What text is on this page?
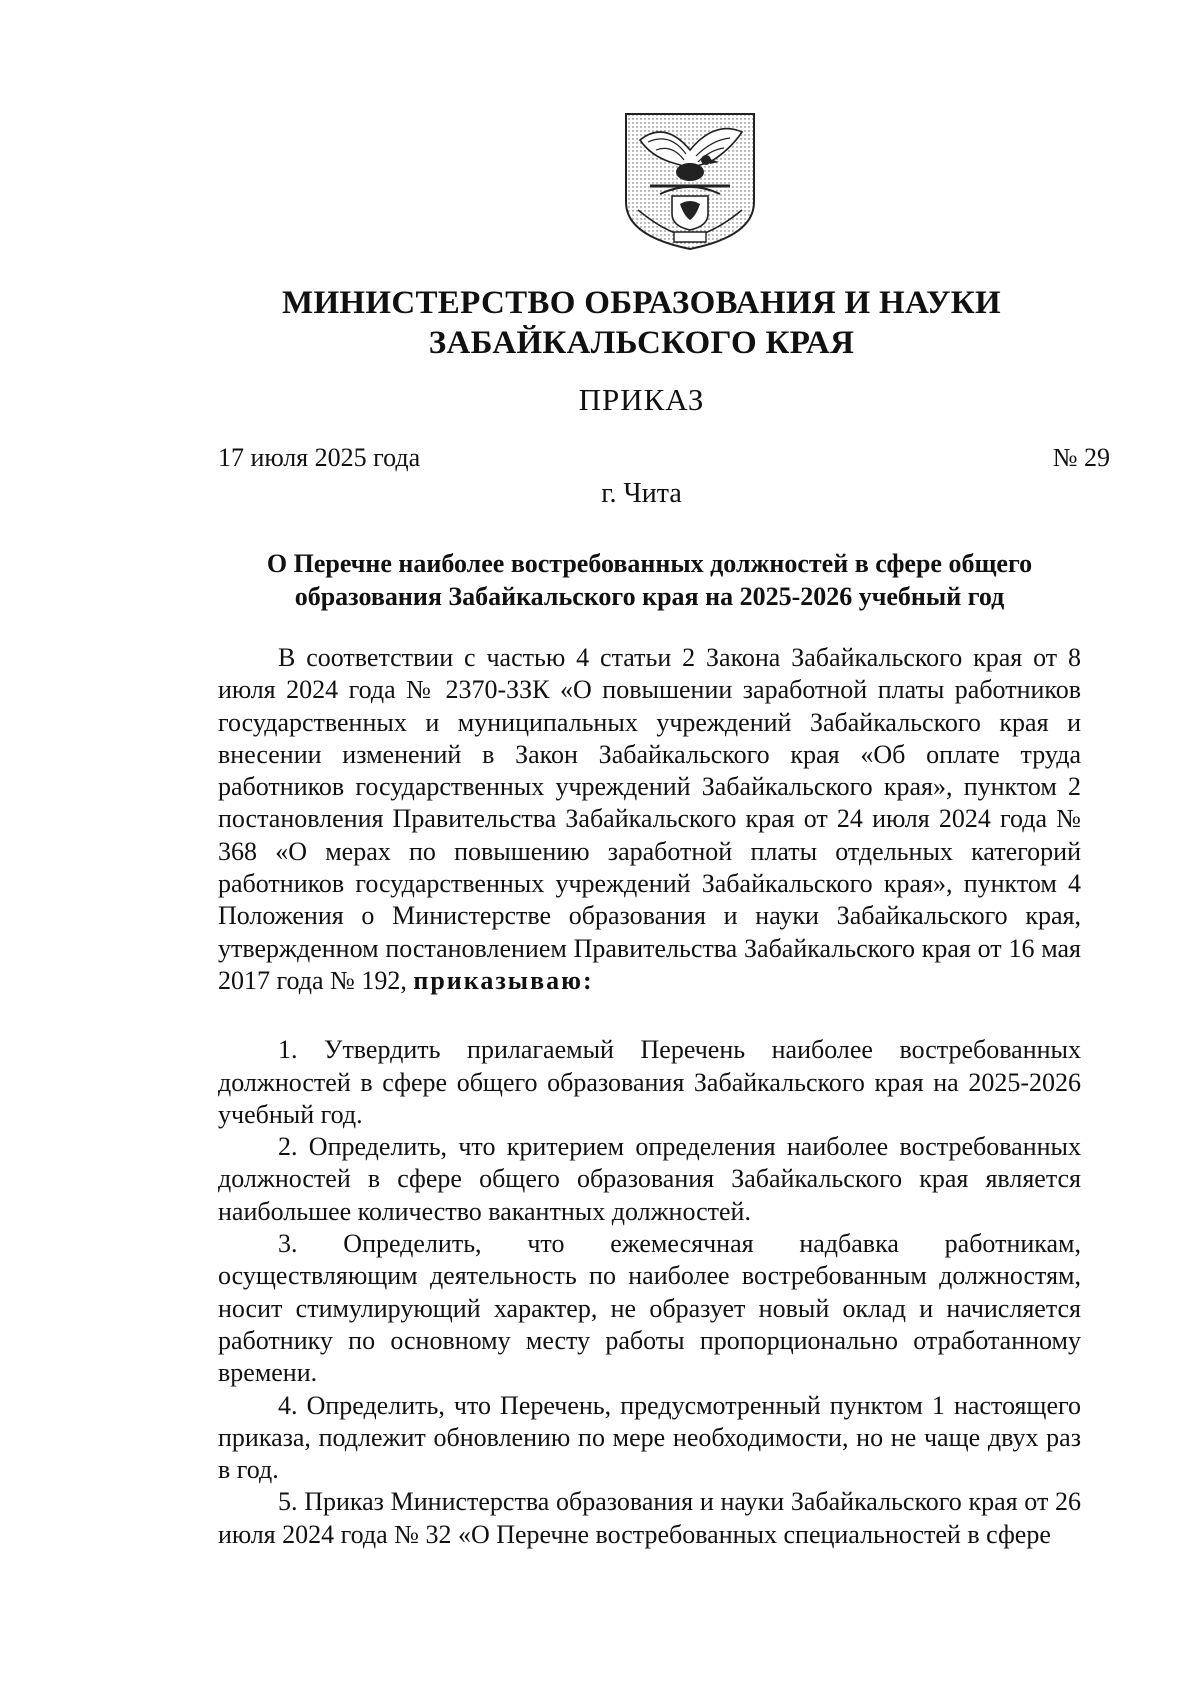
МИНИСТЕРСТВО ОБРАЗОВАНИЯ И НАУКИ
ЗАБАЙКАЛЬСКОГО КРАЯ
ПРИКАЗ
17 июля 2025 года	№ 29
г. Чита
О Перечне наиболее востребованных должностей в сфере общего
образования Забайкальского края на 2025-2026 учебный год

В соответствии с частью 4 статьи 2 Закона Забайкальского края от 8 июля 2024 года № 2370-ЗЗК «О повышении заработной платы работников государственных и муниципальных учреждений Забайкальского края и внесении изменений в Закон Забайкальского края «Об оплате труда работников государственных учреждений Забайкальского края», пунктом 2 постановления Правительства Забайкальского края от 24 июля 2024 года № 368 «О мерах по повышению заработной платы отдельных категорий работников государственных учреждений Забайкальского края», пунктом 4 Положения о Министерстве образования и науки Забайкальского края, утвержденном постановлением Правительства Забайкальского края от 16 мая 2017 года № 192, приказываю:

1. Утвердить прилагаемый Перечень наиболее востребованных должностей в сфере общего образования Забайкальского края на 2025-2026 учебный год.

2. Определить, что критерием определения наиболее востребованных должностей в сфере общего образования Забайкальского края является наибольшее количество вакантных должностей.

3. Определить, что ежемесячная надбавка работникам, осуществляющим деятельность по наиболее востребованным должностям, носит стимулирующий характер, не образует новый оклад и начисляется работнику по основному месту работы пропорционально отработанному времени.

4. Определить, что Перечень, предусмотренный пунктом 1 настоящего приказа, подлежит обновлению по мере необходимости, но не чаще двух раз в год.

5. Приказ Министерства образования и науки Забайкальского края от 26 июля 2024 года № 32 «О Перечне востребованных специальностей в сфере
